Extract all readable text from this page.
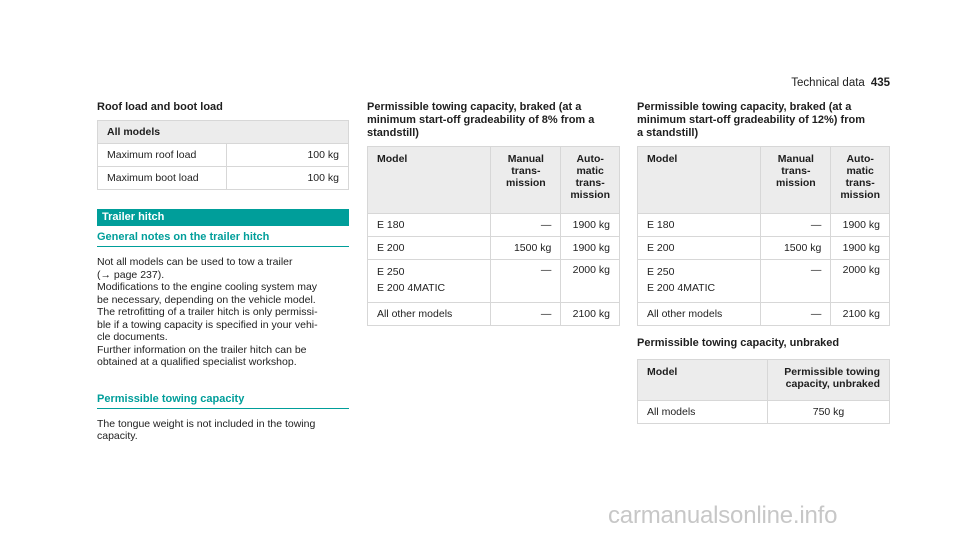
Technical data 435
Roof load and boot load
All models	
Maximum roof load	100 kg
Maximum boot load	100 kg
Trailer hitch
General notes on the trailer hitch

Not all models can be used to tow a trailer

(→ page 237).

Modifications to the engine cooling system may

be necessary, depending on the vehicle model.

The retrofitting of a trailer hitch is only permissi-

ble if a towing capacity is specified in your vehi-

cle documents.

Further information on the trailer hitch can be

obtained at a qualified specialist workshop.

Permissible towing capacity

The tongue weight is not included in the towing

capacity.

Permissible towing capacity, braked (at a
minimum start-off gradeability of 8% from a
standstill)
Model	Manual
trans-
mission	Auto-
matic
trans-
mission
E 180	—	1900 kg
E 200	1500 kg	1900 kg
E 250
E 200 4MATIC	—	2000 kg
All other models	—	2100 kg
Permissible towing capacity, braked (at a
minimum start-off gradeability of 12%) from
a standstill)
Model	Manual
trans-
mission	Auto-
matic
trans-
mission
E 180	—	1900 kg
E 200	1500 kg	1900 kg
E 250
E 200 4MATIC	—	2000 kg
All other models	—	2100 kg
Permissible towing capacity, unbraked
Model	Permissible towing
capacity, unbraked
All models	750 kg
carmanualsonline.info
